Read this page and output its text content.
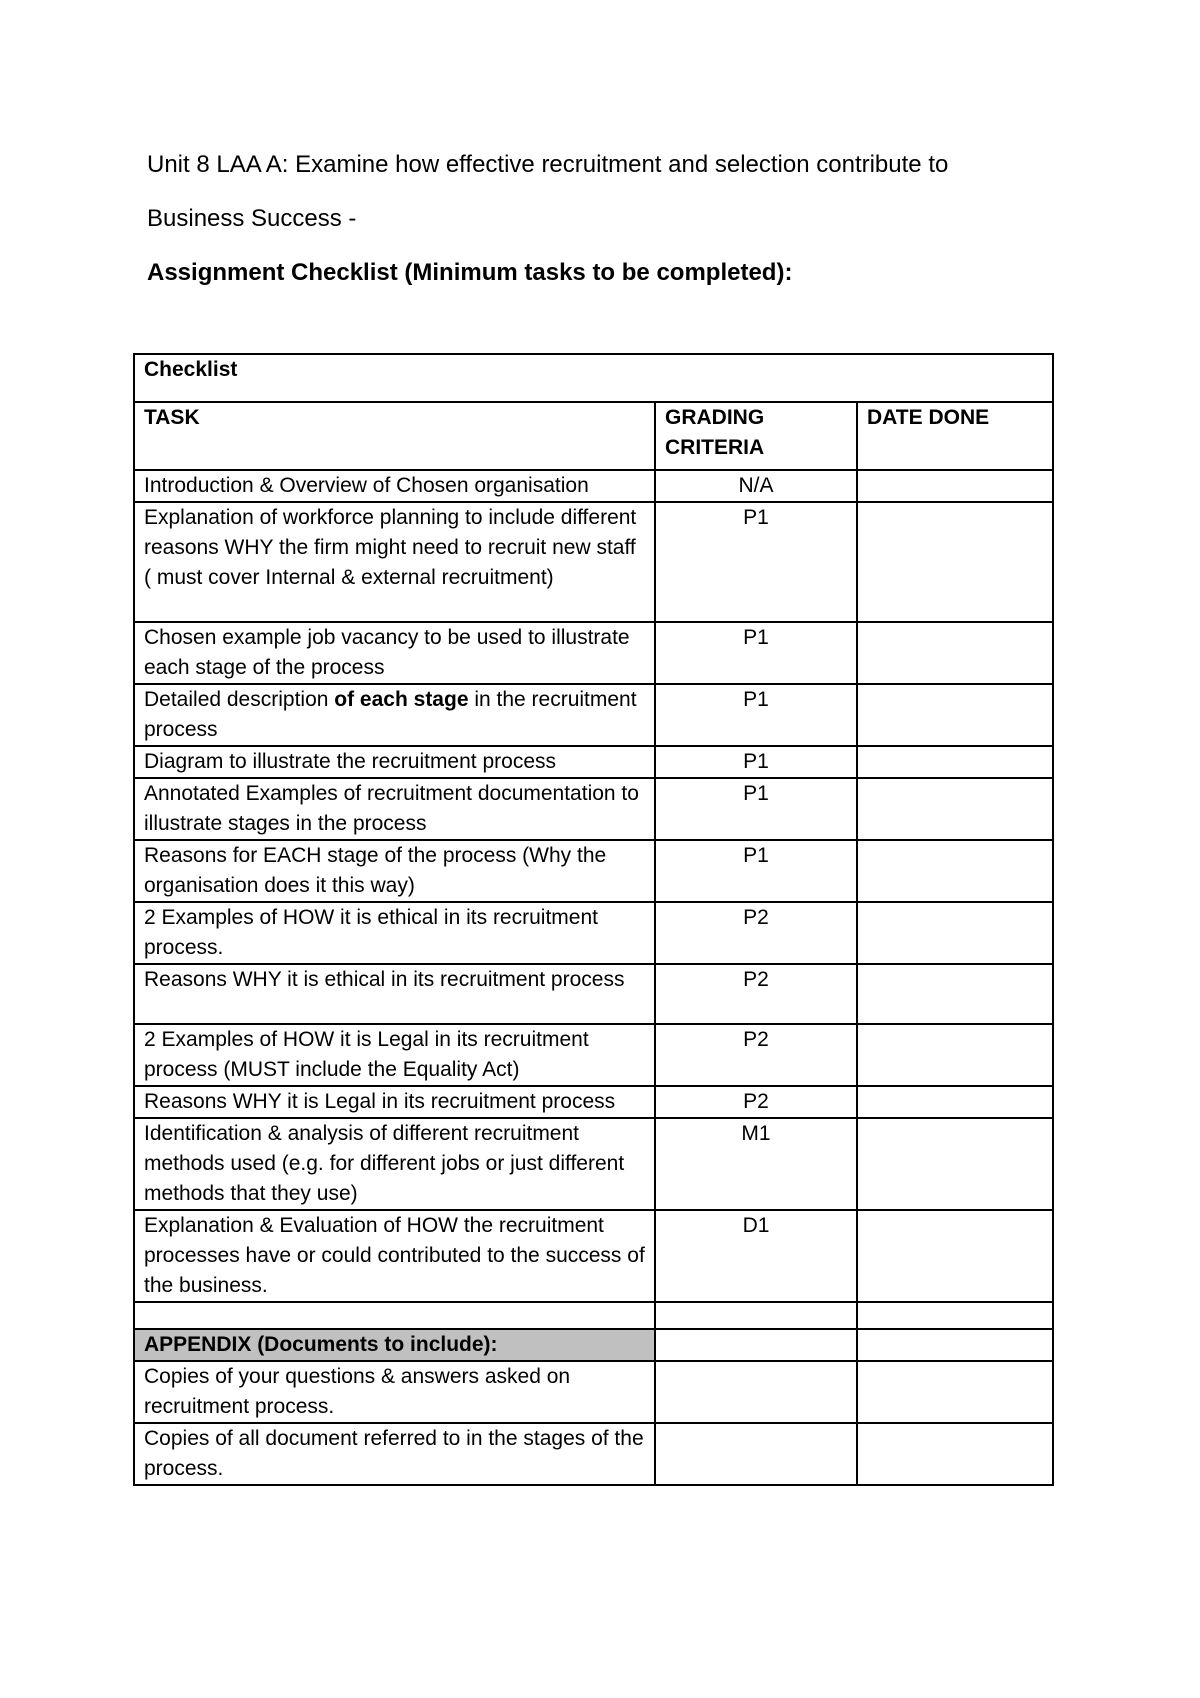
Unit 8 LAA A: Examine how effective recruitment and selection contribute to
Business Success -
Assignment Checklist (Minimum tasks to be completed):
Checklist		
TASK	GRADING CRITERIA	DATE DONE
Introduction & Overview of Chosen organisation	N/A	
Explanation of workforce planning to include different reasons WHY the firm might need to recruit new staff ( must cover Internal & external recruitment)	P1	
Chosen example job vacancy to be used to illustrate each stage of the process	P1	
Detailed description of each stage in the recruitment process	P1	
Diagram to illustrate the recruitment process	P1	
Annotated Examples of recruitment documentation to illustrate stages in the process	P1	
Reasons for EACH stage of the process (Why the organisation does it this way)	P1	
2 Examples of HOW it is ethical in its recruitment process.	P2	
Reasons WHY it is ethical in its recruitment process	P2	
2 Examples of HOW it is Legal in its recruitment process (MUST include the Equality Act)	P2	
Reasons WHY it is Legal in its recruitment process	P2	
Identification & analysis of different recruitment methods used (e.g. for different jobs or just different methods that they use)	M1	
Explanation & Evaluation of HOW the recruitment processes have or could contributed to the success of the business.	D1	

APPENDIX (Documents to include):		
Copies of your questions & answers asked on recruitment process.		
Copies of all document referred to in the stages of the process.		
